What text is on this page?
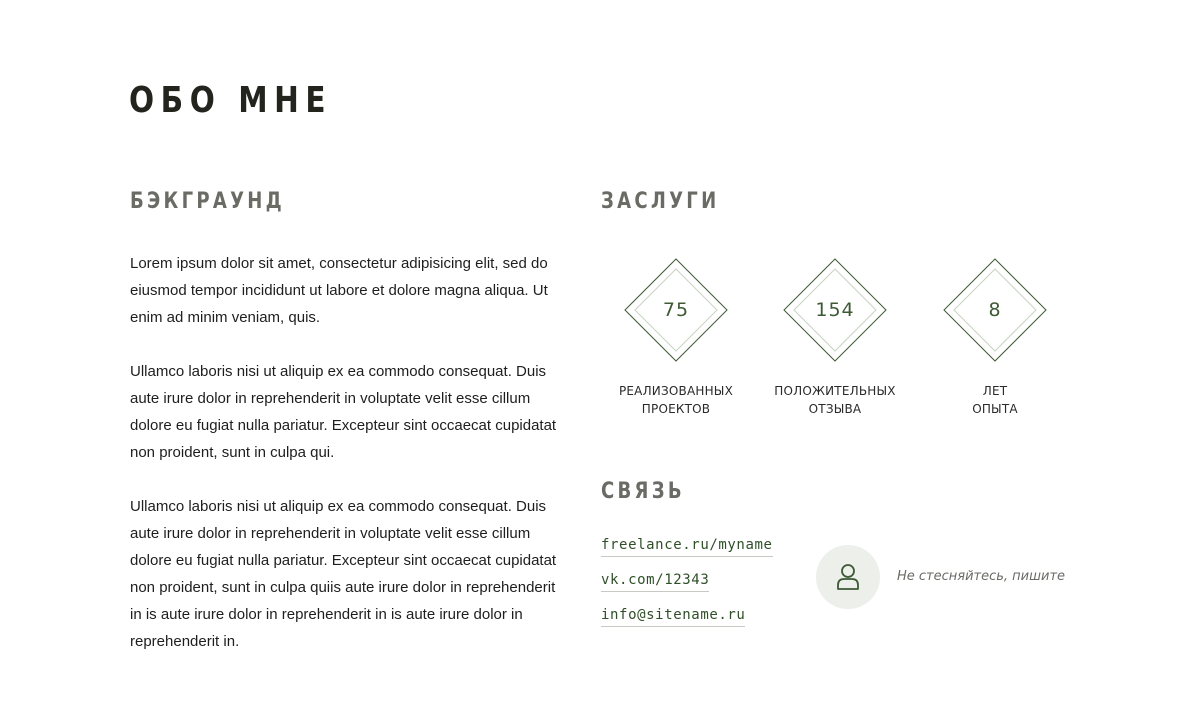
ОБО МНЕ
БЭКГРАУНД

Lorem ipsum dolor sit amet, consectetur adipisicing elit, sed do eiusmod tempor incididunt ut labore et dolore magna aliqua. Ut enim ad minim veniam, quis.

Ullamco laboris nisi ut aliquip ex ea commodo consequat. Duis aute irure dolor in reprehenderit in voluptate velit esse cillum dolore eu fugiat nulla pariatur. Excepteur sint occaecat cupidatat non proident, sunt in culpa qui.

Ullamco laboris nisi ut aliquip ex ea commodo consequat. Duis aute irure dolor in reprehenderit in voluptate velit esse cillum dolore eu fugiat nulla pariatur. Excepteur sint occaecat cupidatat non proident, sunt in culpa quiis aute irure dolor in reprehenderit in is aute irure dolor in reprehenderit in is aute irure dolor in reprehenderit in.

ЗАСЛУГИ
75
РЕАЛИЗОВАННЫХ
ПРОЕКТОВ
154
ПОЛОЖИТЕЛЬНЫХ
ОТЗЫВА
8
ЛЕТ
ОПЫТА
СВЯЗЬ
freelance.ru/myname
vk.com/12343
info@sitename.ru
Не стесняйтесь, пишите
